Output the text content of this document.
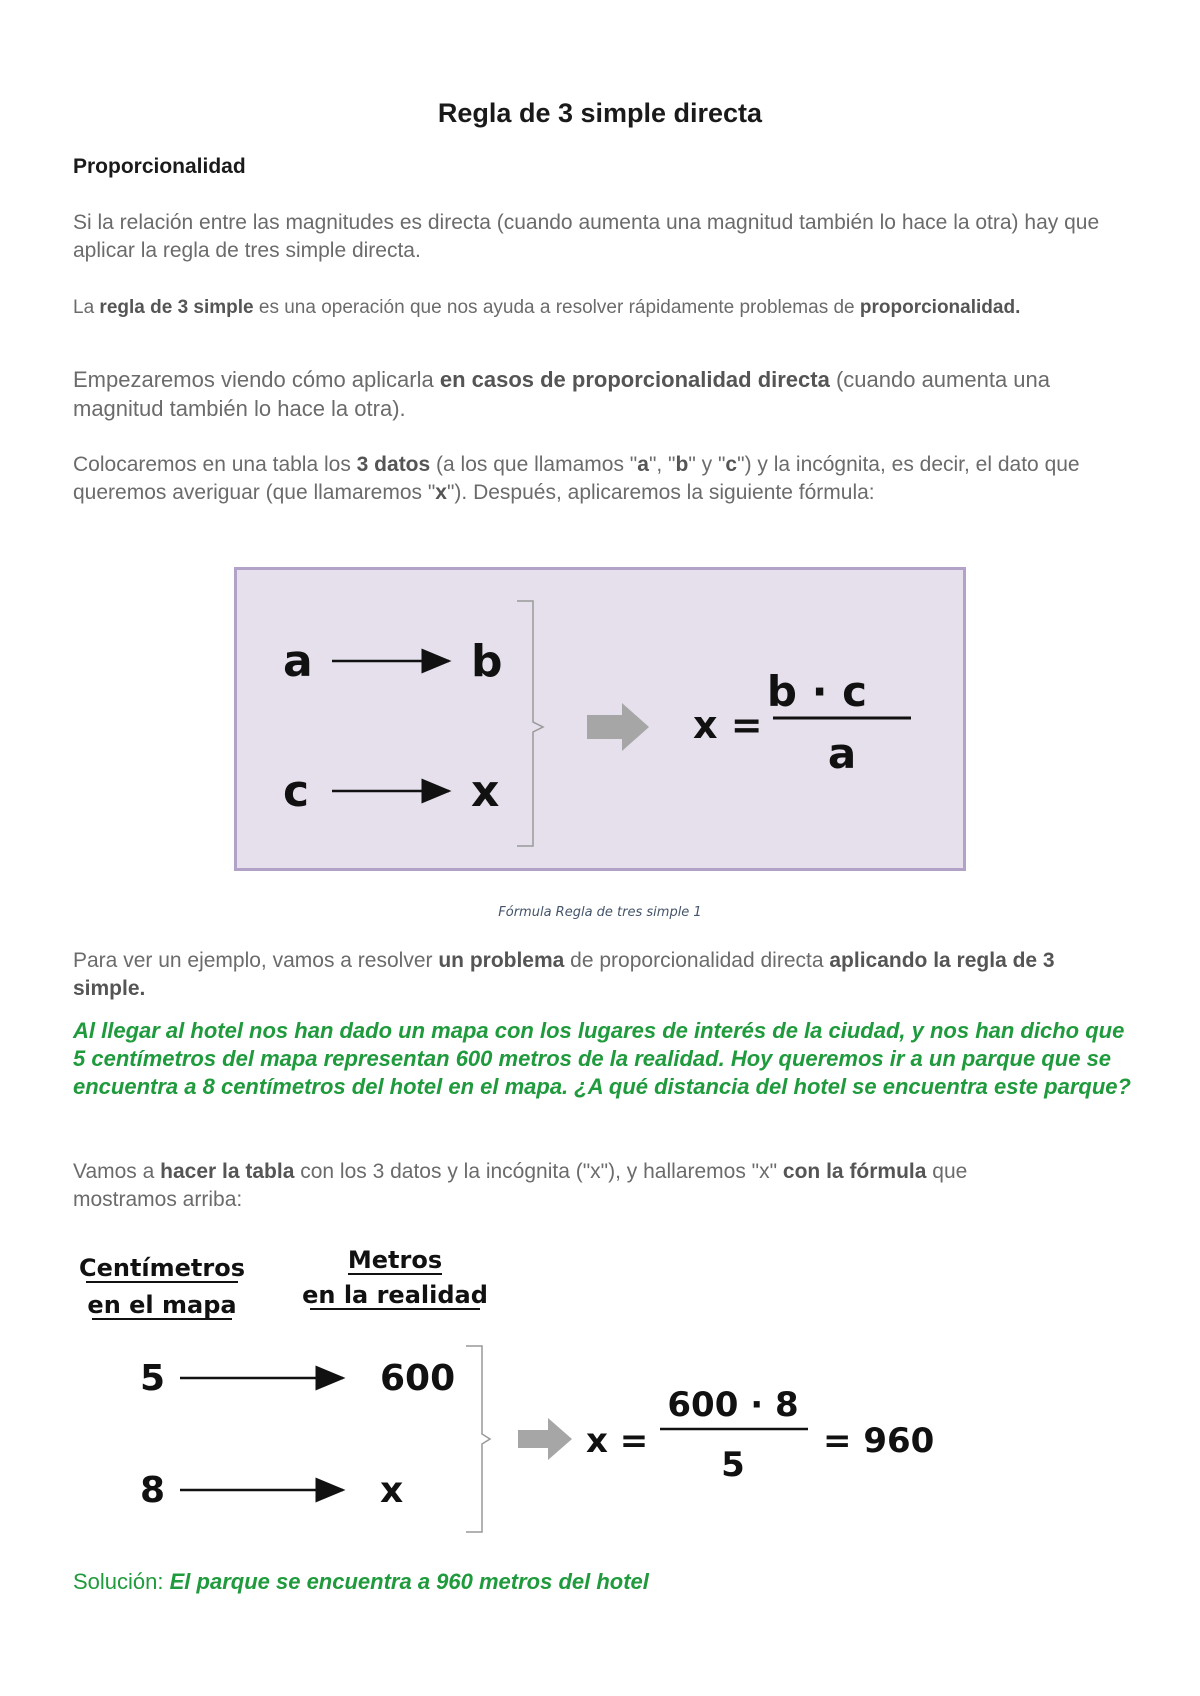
Regla de 3 simple directa
Proporcionalidad
Si la relación entre las magnitudes es directa (cuando aumenta una magnitud también lo hace la otra) hay que aplicar la regla de tres simple directa.
La regla de 3 simple es una operación que nos ayuda a resolver rápidamente problemas de proporcionalidad.
Empezaremos viendo cómo aplicarla en casos de proporcionalidad directa (cuando aumenta una magnitud también lo hace la otra).
Colocaremos en una tabla los 3 datos (a los que llamamos "a", "b" y "c") y la incógnita, es decir, el dato que queremos averiguar (que llamaremos "x"). Después, aplicaremos la siguiente fórmula:
a	b
c	x
x =
b · c
a
Fórmula Regla de tres simple 1
Para ver un ejemplo, vamos a resolver un problema de proporcionalidad directa aplicando la regla de 3 simple.
Al llegar al hotel nos han dado un mapa con los lugares de interés de la ciudad, y nos han dicho que 5 centímetros del mapa representan 600 metros de la realidad. Hoy queremos ir a un parque que se encuentra a 8 centímetros del hotel en el mapa. ¿A qué distancia del hotel se encuentra este parque?
Vamos a hacer la tabla con los 3 datos y la incógnita ("x"), y hallaremos "x" con la fórmula que mostramos arriba:
Centímetros
en el mapa
Metros
en la realidad
5	600
8	x
x =
600 · 8
5
= 960
Solución: El parque se encuentra a 960 metros del hotel
